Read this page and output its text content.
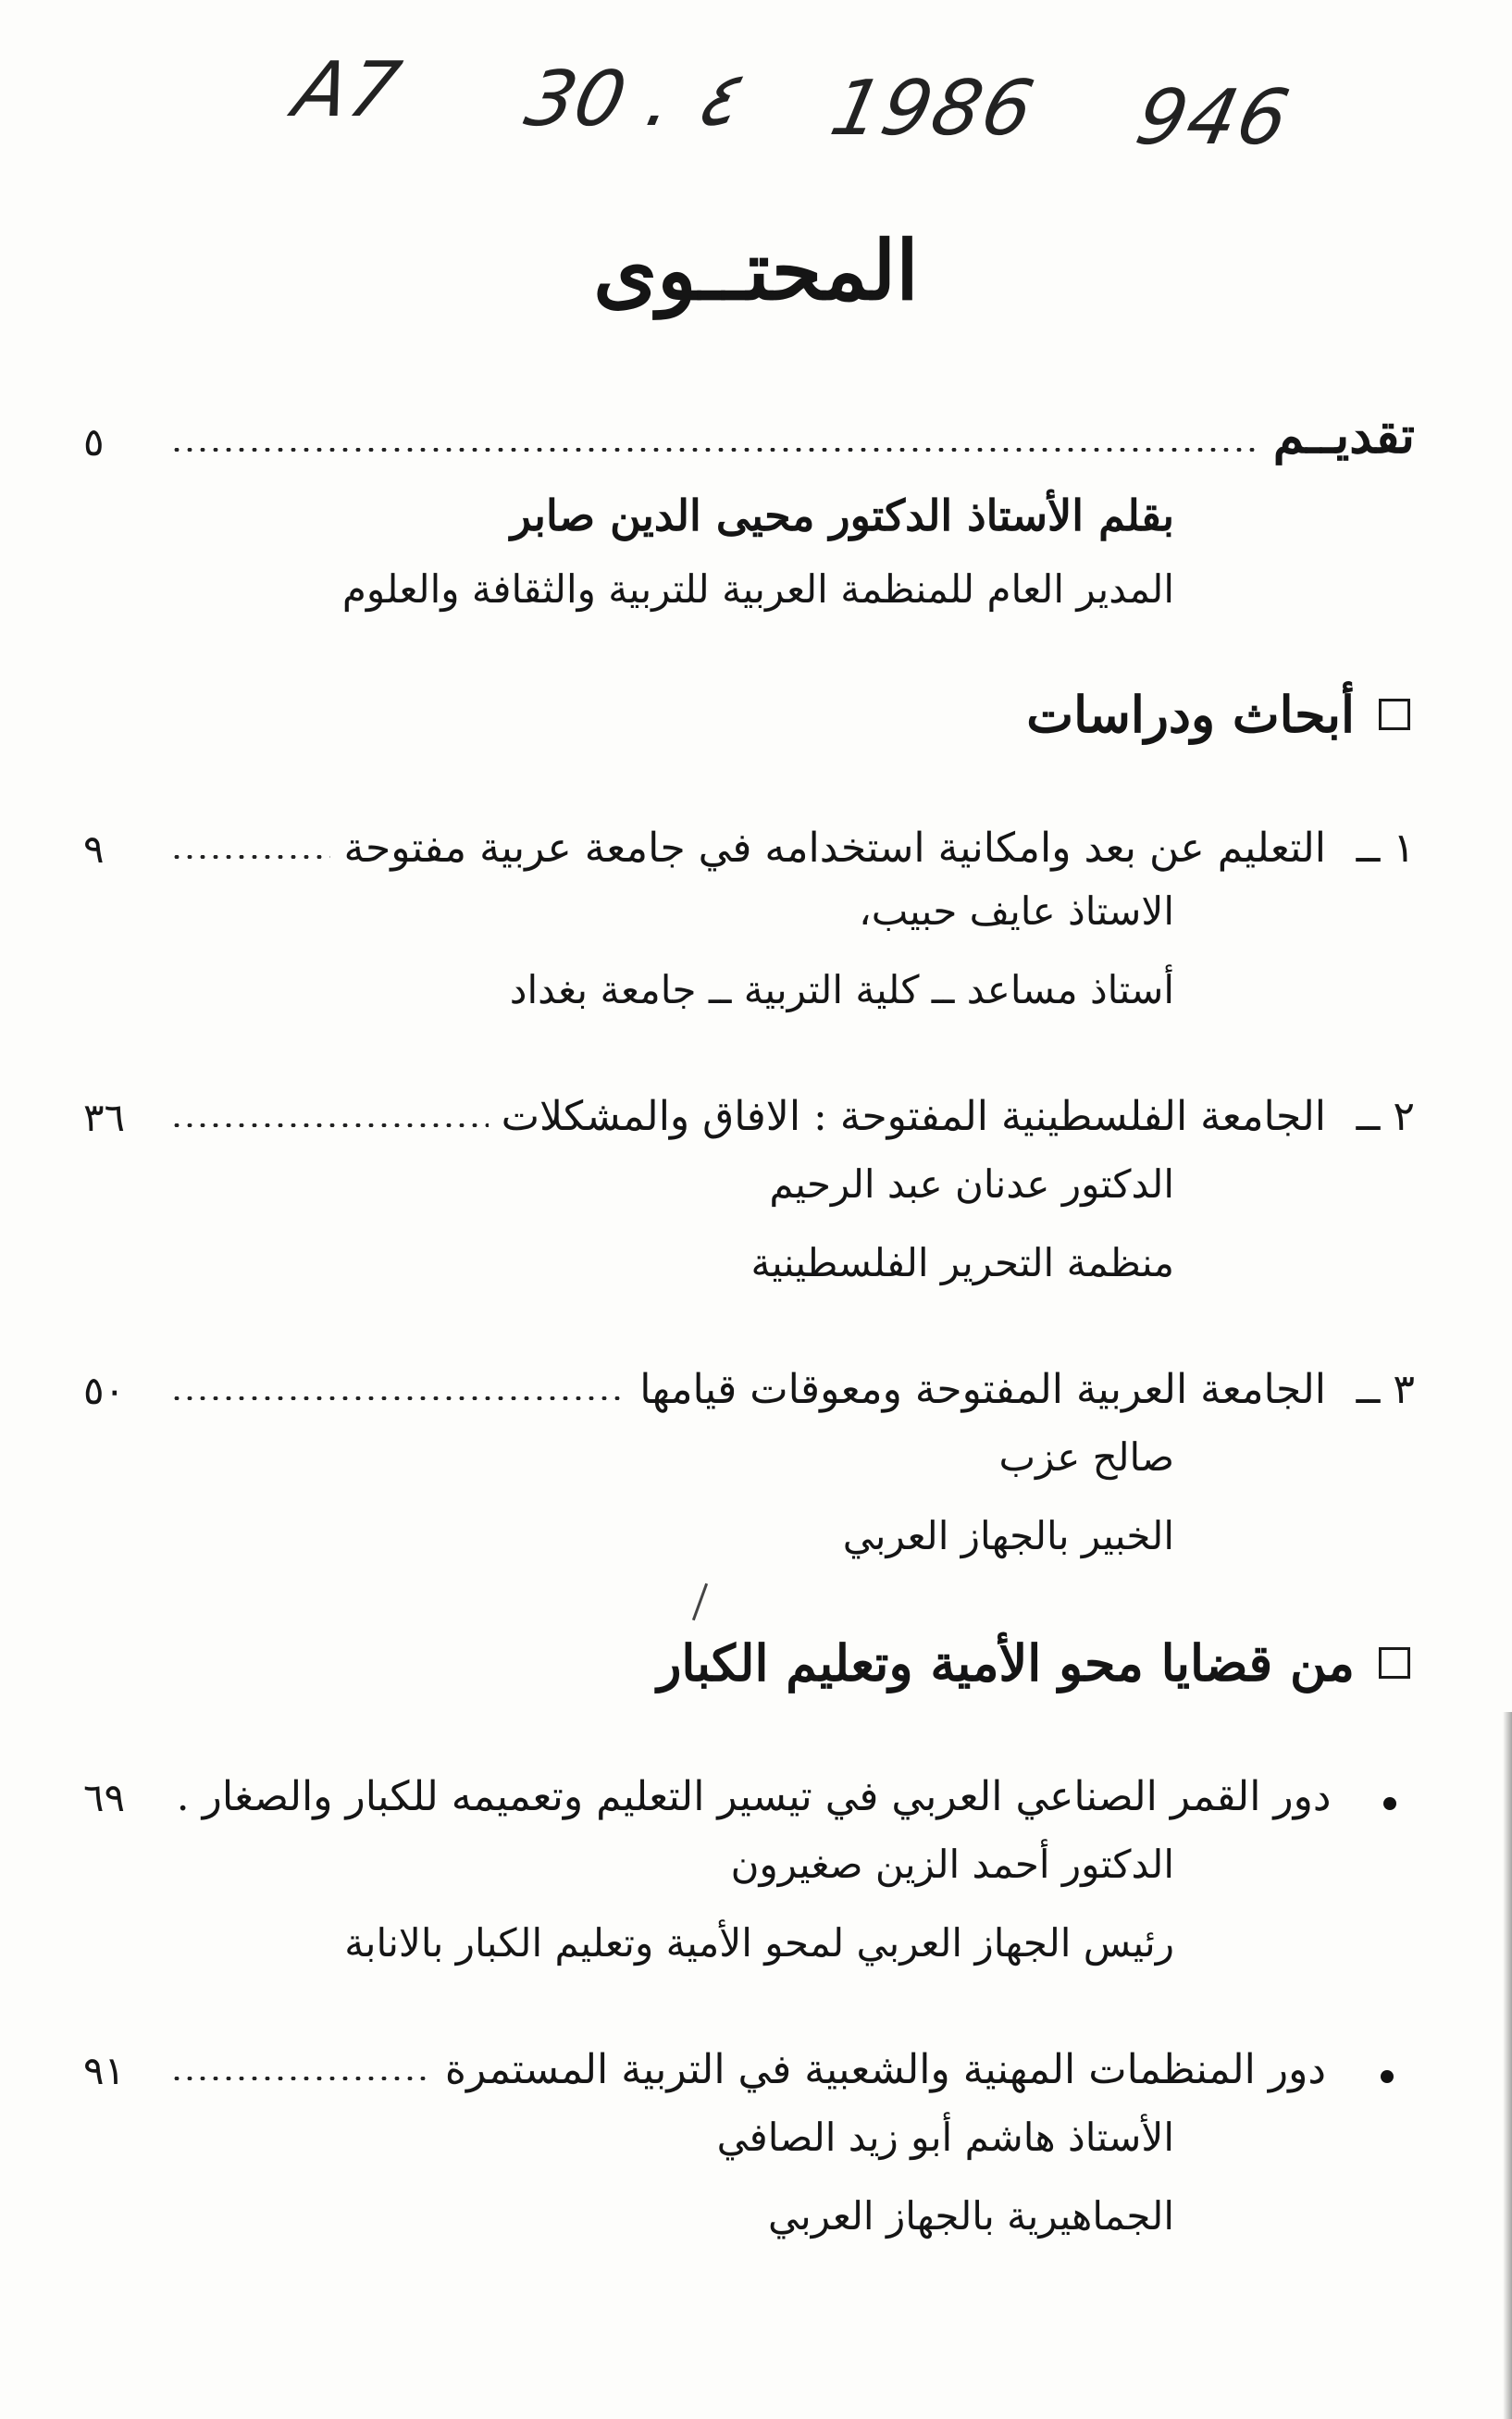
A7 30 . ٤ 1986 946
المحتــوى
تقديــم
٥
بقلم الأستاذ الدكتور محيى الدين صابر
المدير العام للمنظمة العربية للتربية والثقافة والعلوم
أبحاث ودراسات
١ ــ
التعليم عن بعد وامكانية استخدامه في جامعة عربية مفتوحة
٩
الاستاذ عايف حبيب،
أستاذ مساعد ــ كلية التربية ــ جامعة بغداد
٢ ــ
الجامعة الفلسطينية المفتوحة : الافاق والمشكلات
٣٦
الدكتور عدنان عبد الرحيم
منظمة التحرير الفلسطينية
٣ ــ
الجامعة العربية المفتوحة ومعوقات قيامها
٥٠
صالح عزب
الخبير بالجهاز العربي
من قضايا محو الأمية وتعليم الكبار
دور القمر الصناعي العربي في تيسير التعليم وتعميمه للكبار والصغار .
٦٩
الدكتور أحمد الزين صغيرون
رئيس الجهاز العربي لمحو الأمية وتعليم الكبار بالانابة
دور المنظمات المهنية والشعبية في التربية المستمرة
٩١
الأستاذ هاشم أبو زيد الصافي
الجماهيرية بالجهاز العربي
